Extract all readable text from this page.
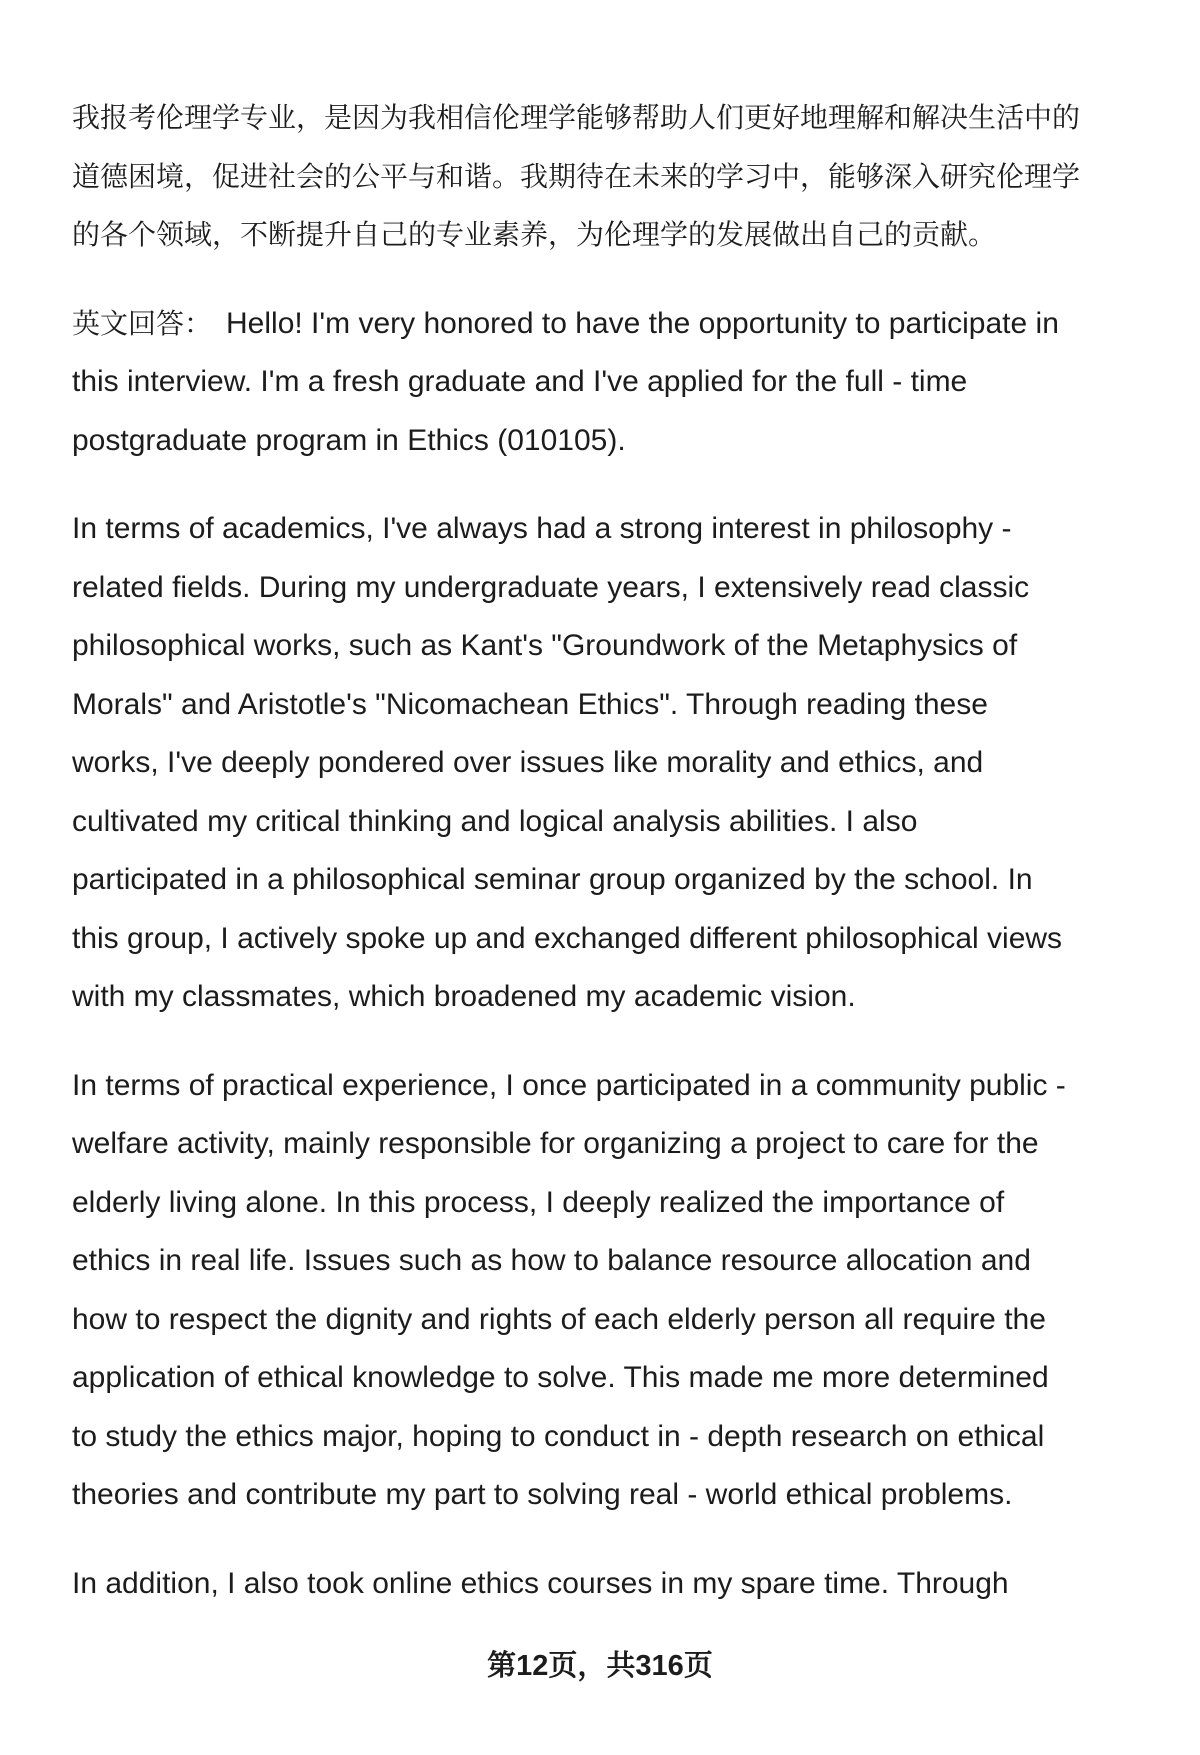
我报考伦理学专业，是因为我相信伦理学能够帮助人们更好地理解和解决生活中的
道德困境，促进社会的公平与和谐。我期待在未来的学习中，能够深入研究伦理学
的各个领域，不断提升自己的专业素养，为伦理学的发展做出自己的贡献。
英文回答： Hello! I'm very honored to have the opportunity to participate in
this interview. I'm a fresh graduate and I've applied for the full - time
postgraduate program in Ethics (010105).
In terms of academics, I've always had a strong interest in philosophy -
related fields. During my undergraduate years, I extensively read classic
philosophical works, such as Kant's "Groundwork of the Metaphysics of
Morals" and Aristotle's "Nicomachean Ethics". Through reading these
works, I've deeply pondered over issues like morality and ethics, and
cultivated my critical thinking and logical analysis abilities. I also
participated in a philosophical seminar group organized by the school. In
this group, I actively spoke up and exchanged different philosophical views
with my classmates, which broadened my academic vision.
In terms of practical experience, I once participated in a community public -
welfare activity, mainly responsible for organizing a project to care for the
elderly living alone. In this process, I deeply realized the importance of
ethics in real life. Issues such as how to balance resource allocation and
how to respect the dignity and rights of each elderly person all require the
application of ethical knowledge to solve. This made me more determined
to study the ethics major, hoping to conduct in - depth research on ethical
theories and contribute my part to solving real - world ethical problems.
In addition, I also took online ethics courses in my spare time. Through
第12页，共316页
